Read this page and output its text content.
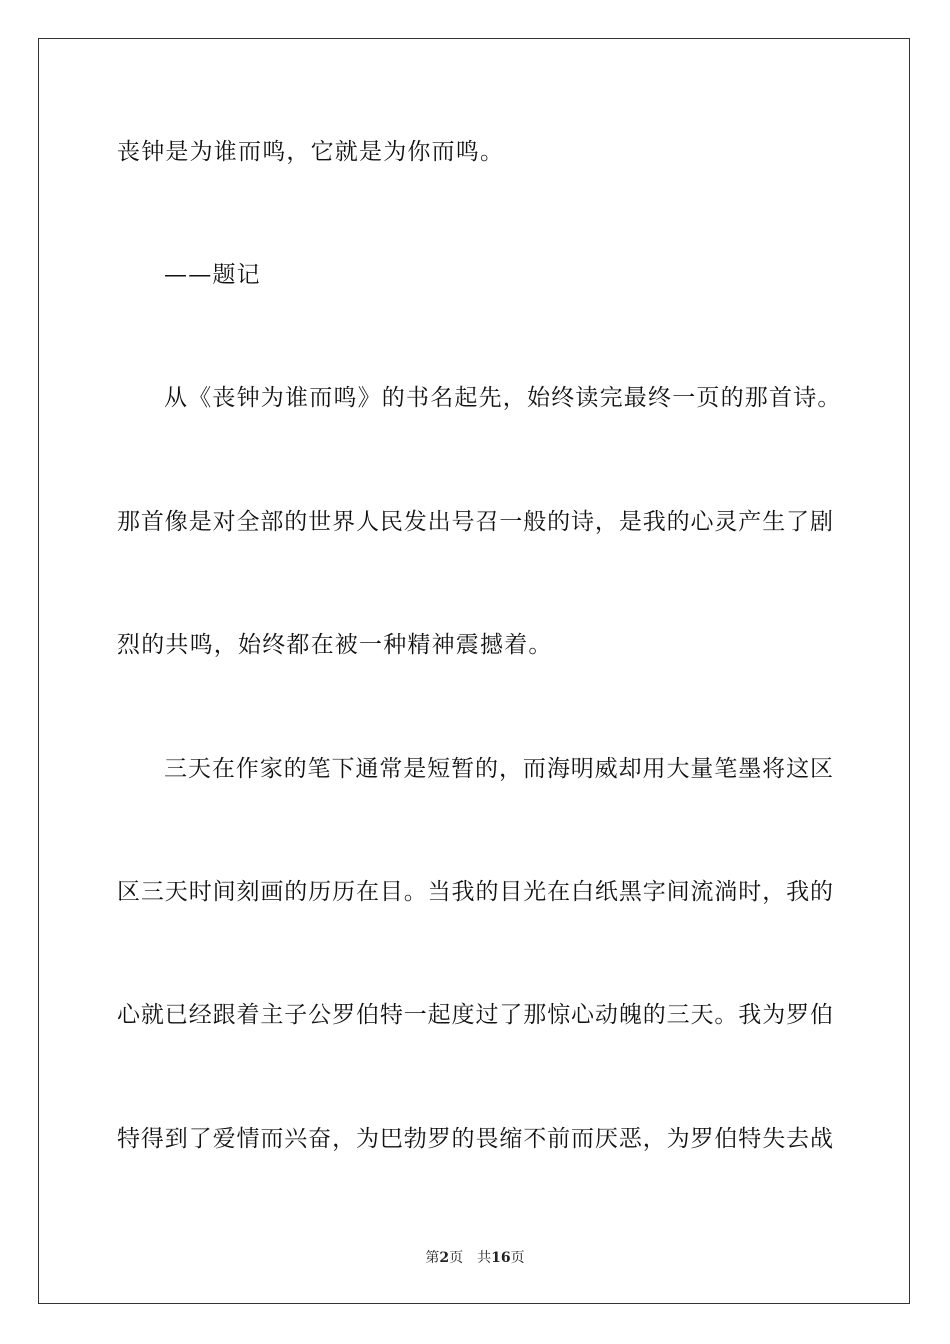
丧钟是为谁而鸣，它就是为你而鸣。
——题记
从《丧钟为谁而鸣》的书名起先，始终读完最终一页的那首诗。
那首像是对全部的世界人民发出号召一般的诗，是我的心灵产生了剧
烈的共鸣，始终都在被一种精神震撼着。
三天在作家的笔下通常是短暂的，而海明威却用大量笔墨将这区
区三天时间刻画的历历在目。当我的目光在白纸黑字间流淌时，我的
心就已经跟着主子公罗伯特一起度过了那惊心动魄的三天。我为罗伯
特得到了爱情而兴奋，为巴勃罗的畏缩不前而厌恶，为罗伯特失去战
第2页 共16页
